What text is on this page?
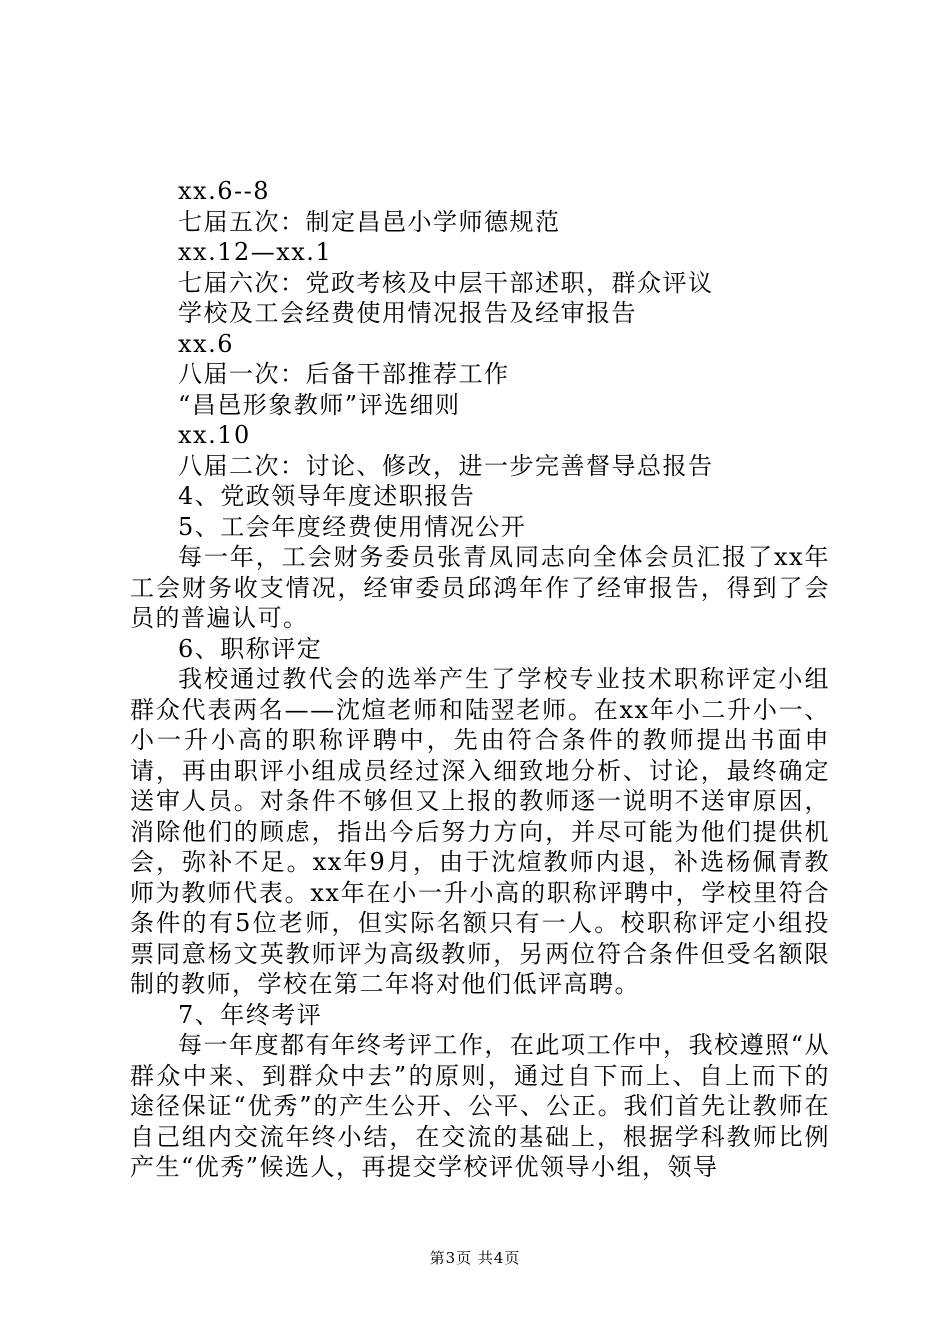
xx.6--8
七届五次：制定昌邑小学师德规范
xx.12—xx.1
七届六次：党政考核及中层干部述职，群众评议
学校及工会经费使用情况报告及经审报告
xx.6
八届一次：后备干部推荐工作
“昌邑形象教师”评选细则
xx.10
八届二次：讨论、修改，进一步完善督导总报告
4、党政领导年度述职报告
5、工会年度经费使用情况公开
每一年，工会财务委员张青凤同志向全体会员汇报了xx年工会财务收支情况，经审委员邱鸿年作了经审报告，得到了会员的普遍认可。
6、职称评定
我校通过教代会的选举产生了学校专业技术职称评定小组群众代表两名——沈煊老师和陆翌老师。在xx年小二升小一、小一升小高的职称评聘中，先由符合条件的教师提出书面申请，再由职评小组成员经过深入细致地分析、讨论，最终确定送审人员。对条件不够但又上报的教师逐一说明不送审原因，消除他们的顾虑，指出今后努力方向，并尽可能为他们提供机会，弥补不足。xx年9月，由于沈煊教师内退，补选杨佩青教师为教师代表。xx年在小一升小高的职称评聘中，学校里符合条件的有5位老师，但实际名额只有一人。校职称评定小组投票同意杨文英教师评为高级教师，另两位符合条件但受名额限制的教师，学校在第二年将对他们低评高聘。
7、年终考评
每一年度都有年终考评工作，在此项工作中，我校遵照“从群众中来、到群众中去”的原则，通过自下而上、自上而下的途径保证“优秀”的产生公开、公平、公正。我们首先让教师在自己组内交流年终小结，在交流的基础上，根据学科教师比例产生“优秀”候选人，再提交学校评优领导小组，领导
第3页 共4页
